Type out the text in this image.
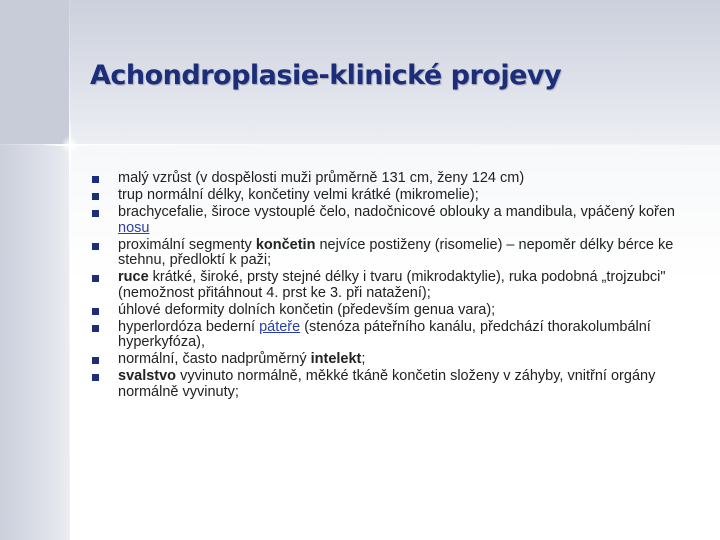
Achondroplasie-klinické projevy
malý vzrůst (v dospělosti muži průměrně 131 cm, ženy 124 cm)
trup normální délky, končetiny velmi krátké (mikromelie);
brachycefalie, široce vystouplé čelo, nadočnicové oblouky a mandibula, vpáčený kořen nosu
proximální segmenty končetin nejvíce postiženy (risomelie) – nepoměr délky bérce ke stehnu, předloktí k paži;
ruce krátké, široké, prsty stejné délky i tvaru (mikrodaktylie), ruka podobná „trojzubci" (nemožnost přitáhnout 4. prst ke 3. při natažení);
úhlové deformity dolních končetin (především genua vara);
hyperlordóza bederní páteře (stenóza páteřního kanálu, předchází thorakolumbální hyperkyfóza),
normální, často nadprůměrný intelekt;
svalstvo vyvinuto normálně, měkké tkáně končetin složeny v záhyby, vnitřní orgány normálně vyvinuty;
